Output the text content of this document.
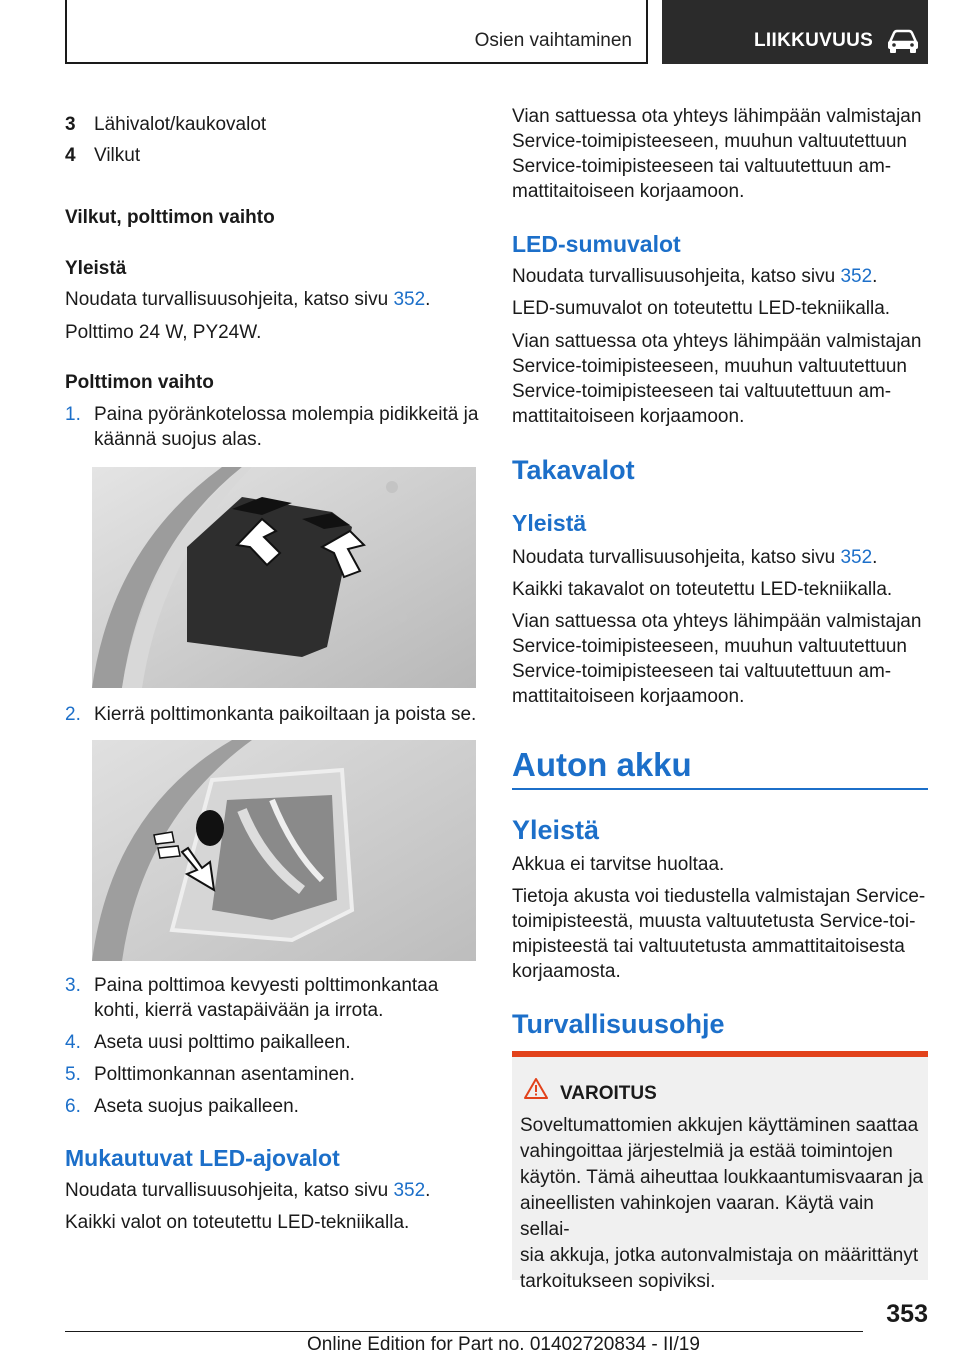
Osien vaihtaminen	LIIKKUVUUS
3 Lähivalot/kaukovalot
4 Vilkut
Vilkut, polttimon vaihto
Yleistä
Noudata turvallisuusohjeita, katso sivu 352.
Polttimo 24 W, PY24W.
Polttimon vaihto
1. Paina pyöränkotelossa molempia pidikkeitä ja
käännä suojus alas.
2. Kierrä polttimonkanta paikoiltaan ja poista se.
3. Paina polttimoa kevyesti polttimonkantaa
kohti, kierrä vastapäivään ja irrota.
4. Aseta uusi polttimo paikalleen.
5. Polttimonkannan asentaminen.
6. Aseta suojus paikalleen.
Mukautuvat LED-ajovalot
Noudata turvallisuusohjeita, katso sivu 352.
Kaikki valot on toteutettu LED-tekniikalla.
Vian sattuessa ota yhteys lähimpään valmistajan
Service-toimipisteeseen, muuhun valtuutettuun
Service-toimipisteeseen tai valtuutettuun am-
mattitaitoiseen korjaamoon.
LED-sumuvalot
Noudata turvallisuusohjeita, katso sivu 352.
LED-sumuvalot on toteutettu LED-tekniikalla.
Vian sattuessa ota yhteys lähimpään valmistajan
Service-toimipisteeseen, muuhun valtuutettuun
Service-toimipisteeseen tai valtuutettuun am-
mattitaitoiseen korjaamoon.
Takavalot
Yleistä
Noudata turvallisuusohjeita, katso sivu 352.
Kaikki takavalot on toteutettu LED-tekniikalla.
Vian sattuessa ota yhteys lähimpään valmistajan
Service-toimipisteeseen, muuhun valtuutettuun
Service-toimipisteeseen tai valtuutettuun am-
mattitaitoiseen korjaamoon.
Auton akku
Yleistä
Akkua ei tarvitse huoltaa.
Tietoja akusta voi tiedustella valmistajan Service-
toimipisteestä, muusta valtuutetusta Service-toi-
mipisteestä tai valtuutetusta ammattitaitoisesta
korjaamosta.
Turvallisuusohje
VAROITUS
Soveltumattomien akkujen käyttäminen saattaa
vahingoittaa järjestelmiä ja estää toimintojen
käytön. Tämä aiheuttaa loukkaantumisvaaran ja
aineellisten vahinkojen vaaran. Käytä vain sellai-
sia akkuja, jotka autonvalmistaja on määrittänyt
tarkoitukseen sopiviksi.
353
Online Edition for Part no. 01402720834 - II/19
